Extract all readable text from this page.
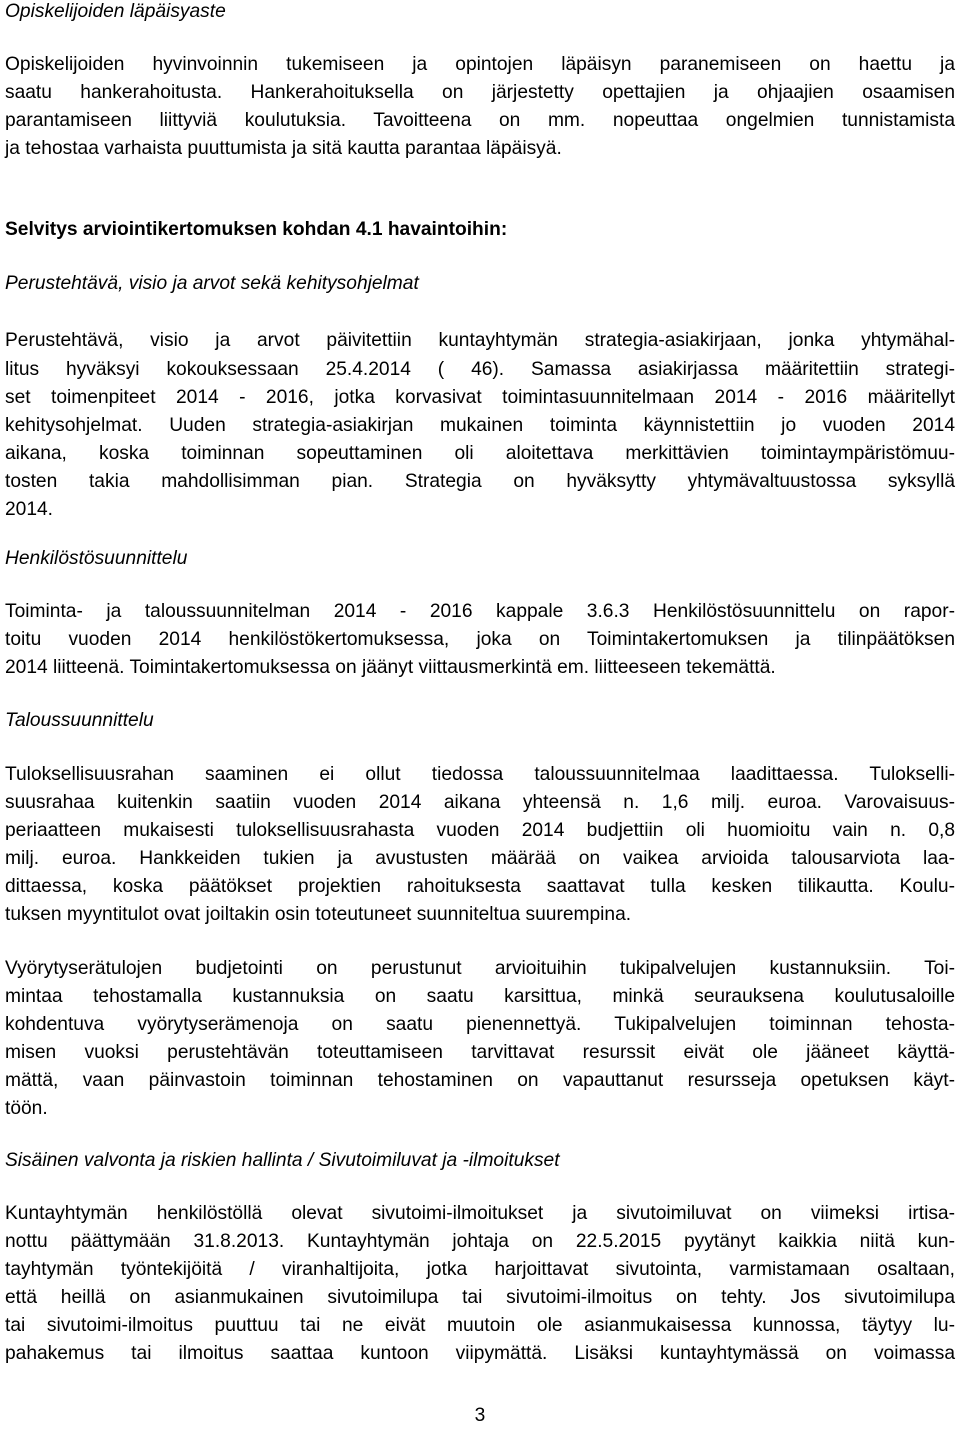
Opiskelijoiden läpäisyaste

Opiskelijoiden hyvinvoinnin tukemiseen ja opintojen läpäisyn paranemiseen on haettu ja

saatu hankerahoitusta. Hankerahoituksella on järjestetty opettajien ja ohjaajien osaamisen

parantamiseen liittyviä koulutuksia. Tavoitteena on mm. nopeuttaa ongelmien tunnistamista

ja tehostaa varhaista puuttumista ja sitä kautta parantaa läpäisyä.

Selvitys arviointikertomuksen kohdan 4.1 havaintoihin:

Perustehtävä, visio ja arvot sekä kehitysohjelmat

Perustehtävä, visio ja arvot päivitettiin kuntayhtymän strategia-asiakirjaan, jonka yhtymähal-

litus hyväksyi kokouksessaan 25.4.2014 ( 46). Samassa asiakirjassa määritettiin strategi-

set toimenpiteet 2014 - 2016, jotka korvasivat toimintasuunnitelmaan 2014 - 2016 määritellyt

kehitysohjelmat. Uuden strategia-asiakirjan mukainen toiminta käynnistettiin jo vuoden 2014

aikana, koska toiminnan sopeuttaminen oli aloitettava merkittävien toimintaympäristömuu-

tosten takia mahdollisimman pian. Strategia on hyväksytty yhtymävaltuustossa syksyllä

2014.

Henkilöstösuunnittelu

Toiminta- ja taloussuunnitelman 2014 - 2016 kappale 3.6.3 Henkilöstösuunnittelu on rapor-

toitu vuoden 2014 henkilöstökertomuksessa, joka on Toimintakertomuksen ja tilinpäätöksen

2014 liitteenä. Toimintakertomuksessa on jäänyt viittausmerkintä em. liitteeseen tekemättä.

Taloussuunnittelu

Tuloksellisuusrahan saaminen ei ollut tiedossa taloussuunnitelmaa laadittaessa. Tulokselli-

suusrahaa kuitenkin saatiin vuoden 2014 aikana yhteensä n. 1,6 milj. euroa. Varovaisuus-

periaatteen mukaisesti tuloksellisuusrahasta vuoden 2014 budjettiin oli huomioitu vain n. 0,8

milj. euroa. Hankkeiden tukien ja avustusten määrää on vaikea arvioida talousarviota laa-

dittaessa, koska päätökset projektien rahoituksesta saattavat tulla kesken tilikautta. Koulu-

tuksen myyntitulot ovat joiltakin osin toteutuneet suunniteltua suurempina.

Vyörytyserätulojen budjetointi on perustunut arvioituihin tukipalvelujen kustannuksiin. Toi-

mintaa tehostamalla kustannuksia on saatu karsittua, minkä seurauksena koulutusaloille

kohdentuva vyörytyserämenoja on saatu pienennettyä. Tukipalvelujen toiminnan tehosta-

misen vuoksi perustehtävän toteuttamiseen tarvittavat resurssit eivät ole jääneet käyttä-

mättä, vaan päinvastoin toiminnan tehostaminen on vapauttanut resursseja opetuksen käyt-

töön.

Sisäinen valvonta ja riskien hallinta / Sivutoimiluvat ja -ilmoitukset

Kuntayhtymän henkilöstöllä olevat sivutoimi-ilmoitukset ja sivutoimiluvat on viimeksi irtisa-

nottu päättymään 31.8.2013. Kuntayhtymän johtaja on 22.5.2015 pyytänyt kaikkia niitä kun-

tayhtymän työntekijöitä / viranhaltijoita, jotka harjoittavat sivutointa, varmistamaan osaltaan,

että heillä on asianmukainen sivutoimilupa tai sivutoimi-ilmoitus on tehty. Jos sivutoimilupa

tai sivutoimi-ilmoitus puuttuu tai ne eivät muutoin ole asianmukaisessa kunnossa, täytyy lu-

pahakemus tai ilmoitus saattaa kuntoon viipymättä. Lisäksi kuntayhtymässä on voimassa

3
